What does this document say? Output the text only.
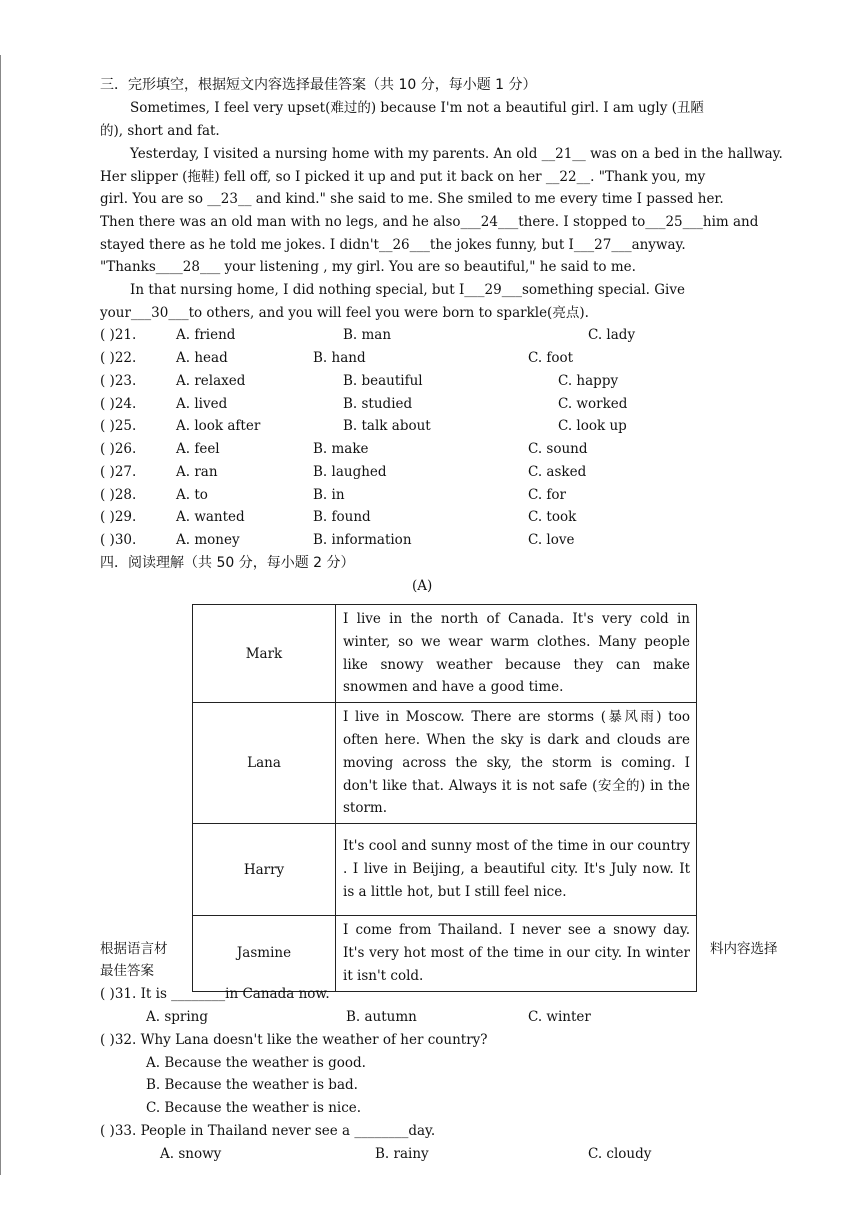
三．完形填空，根据短文内容选择最佳答案（共 10 分，每小题 1 分）
Sometimes, I feel very upset(难过的) because I'm not a beautiful girl. I am ugly (丑陋
的), short and fat.
Yesterday, I visited a nursing home with my parents. An old __21__ was on a bed in the hallway.
Her slipper (拖鞋) fell off, so I picked it up and put it back on her __22__. "Thank you, my
girl. You are so __23__ and kind." she said to me. She smiled to me every time I passed her.
Then there was an old man with no legs, and he also___24___there. I stopped to___25___him and
stayed there as he told me jokes. I didn't__26___the jokes funny, but I___27___anyway.
"Thanks____28___ your listening , my girl. You are so beautiful," he said to me.
In that nursing home, I did nothing special, but I___29___something special. Give
your___30___to others, and you will feel you were born to sparkle(亮点).
( )21.	A. friend	B. man	C. lady
( )22.	A. head	B. hand	C. foot
( )23.	A. relaxed	B. beautiful	C. happy
( )24.	A. lived	B. studied	C. worked
( )25.	A. look after	B. talk about	C. look up
( )26.	A. feel	B. make	C. sound
( )27.	A. ran	B. laughed	C. asked
( )28.	A. to	B. in	C. for
( )29.	A. wanted	B. found	C. took
( )30.	A. money	B. information	C. love
四．阅读理解（共 50 分，每小题 2 分）
(A)
Mark	I live in the north of Canada. It's very cold in winter, so we wear warm clothes. Many people like snowy weather because they can make snowmen and have a good time.
Lana	I live in Moscow. There are storms (暴风雨) too often here. When the sky is dark and clouds are moving across the sky, the storm is coming. I don't like that. Always it is not safe (安全的) in the storm.
Harry	It's cool and sunny most of the time in our country . I live in Beijing, a beautiful city. It's July now. It is a little hot, but I still feel nice.
Jasmine	I come from Thailand. I never see a snowy day. It's very hot most of the time in our city. In winter it isn't cold.
根据语言材
最佳答案
料内容选择
( )31. It is ________in Canada now.
A. spring	B. autumn	C. winter
( )32. Why Lana doesn't like the weather of her country?
A. Because the weather is good.
B. Because the weather is bad.
C. Because the weather is nice.
( )33. People in Thailand never see a ________day.
A. snowy	B. rainy	C. cloudy
